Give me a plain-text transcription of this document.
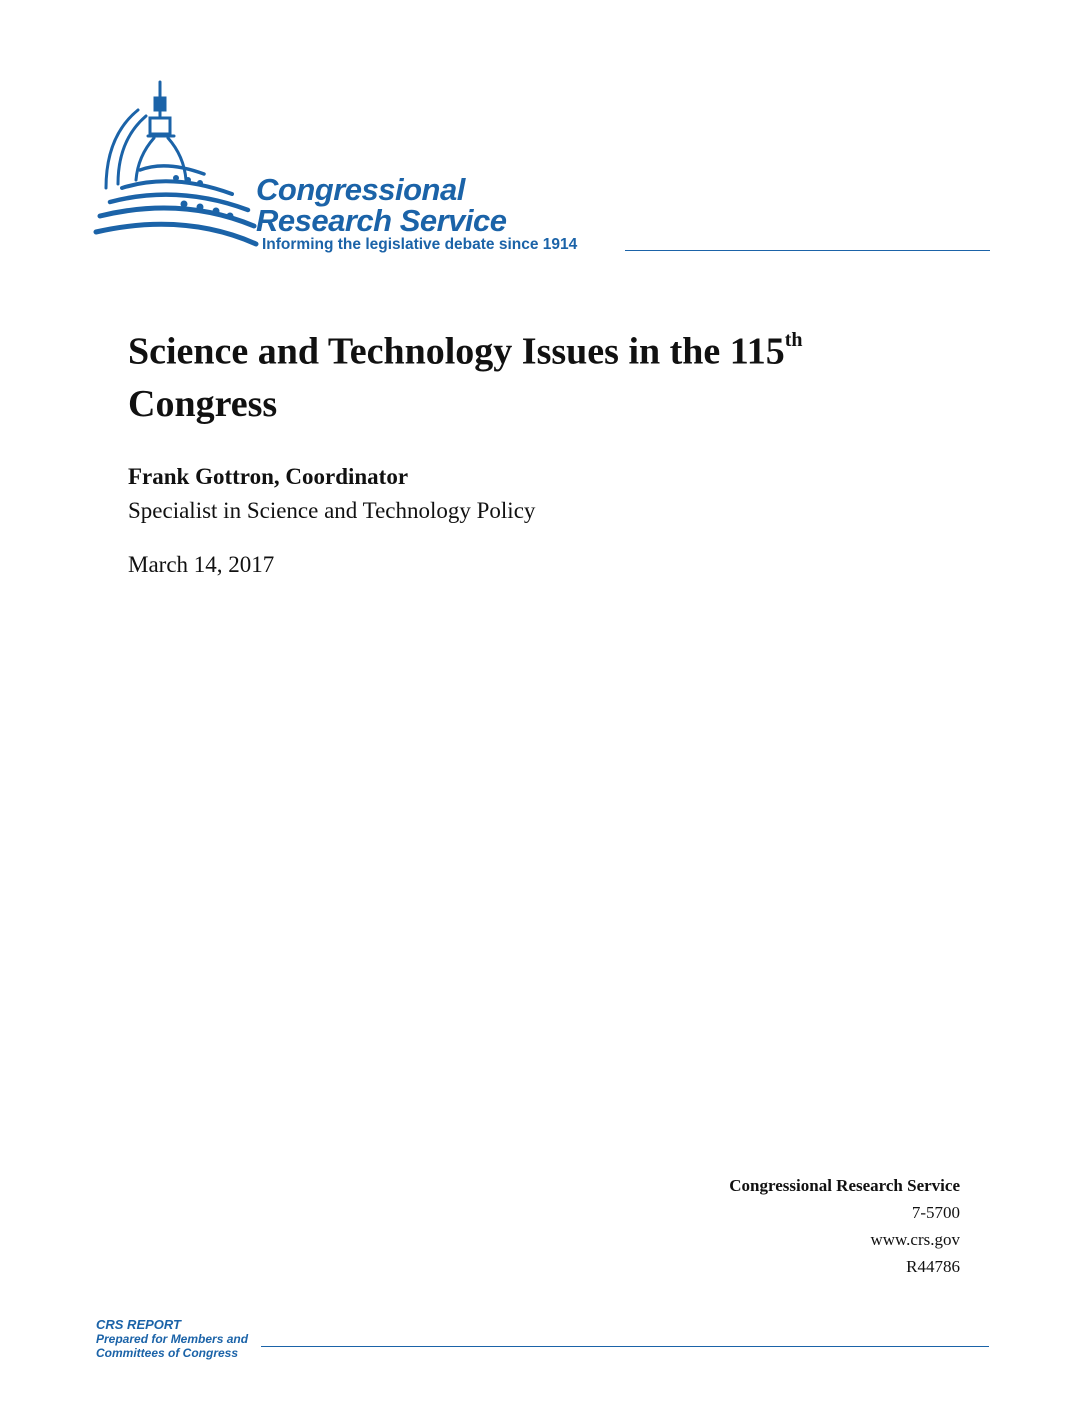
Congressional
Research Service
Informing the legislative debate since 1914
Science and Technology Issues in the 115th
Congress
Frank Gottron, Coordinator
Specialist in Science and Technology Policy
March 14, 2017
Congressional Research Service
7-5700
www.crs.gov
R44786
CRS REPORT
Prepared for Members and
Committees of Congress
